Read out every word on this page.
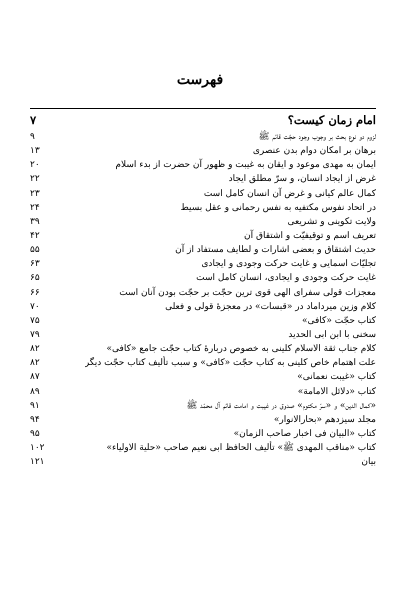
فهرست
امام زمان کیست؟
۷
لزوم دو نوع بحث بر وجوب وجود حجّت قائم ﷺ
۹
برهان بر امکان دوام بدن عنصری
۱۳
ایمان به مهدی موعود و ایقان به غیبت و ظهور آن حضرت از بدء اسلام
۲۰
غرض از ایجاد انسان، و سرّ مطلق ایجاد
۲۲
کمال عالم کیانی و غرض آن انسان کامل است
۲۳
در اتحاد نفوس مکتفیه به نفس رحمانی و عقل بسیط
۲۴
ولایت تکوینی و تشریعی
۳۹
تعریف اسم و توقیفیّت و اشتقاق آن
۴۲
حدیث اشتقاق و بعضی اشارات و لطایف مستفاد از آن
۵۵
تجلیّات اسمایی و غایت حرکت وجودی و ایجادی
۶۳
غایت حرکت وجودی و ایجادی، انسان کامل است
۶۵
معجزات قولی سفرای الهی قوی ترین حجّت بر حجّت بودن آنان است
۶۶
کلام وزین میرداماد در «قبسات» در معجزهٔ قولی و فعلی
۷۰
کتاب حجّت «کافی»
۷۵
سخنی با ابن ابی الحدید
۷۹
کلام جناب ثقة الاسلام کلینی به خصوص دربارهٔ کتاب حجّت جامع «کافی»
۸۲
علت اهتمام خاص کلینی به کتاب حجّت «کافی» و سبب تألیف کتاب حجّت دیگر
۸۲
کتاب «غیبت نعمانی»
۸۷
کتاب «دلائل الامامة»
۸۹
«کمال الدین» و «سرّ مکتوم» صدوق در غیبت و امامت قائم آل محمّد ﷺ
۹۱
مجلد سیزدهم «بحارالانوار»
۹۴
کتاب «البیان فی اخبار صاحب الزمان»
۹۵
کتاب «مناقب المهدی ﷺ» تألیف الحافظ ابی نعیم صاحب «حلیة الاولیاء»
۱۰۲
بیان
۱۲۱
